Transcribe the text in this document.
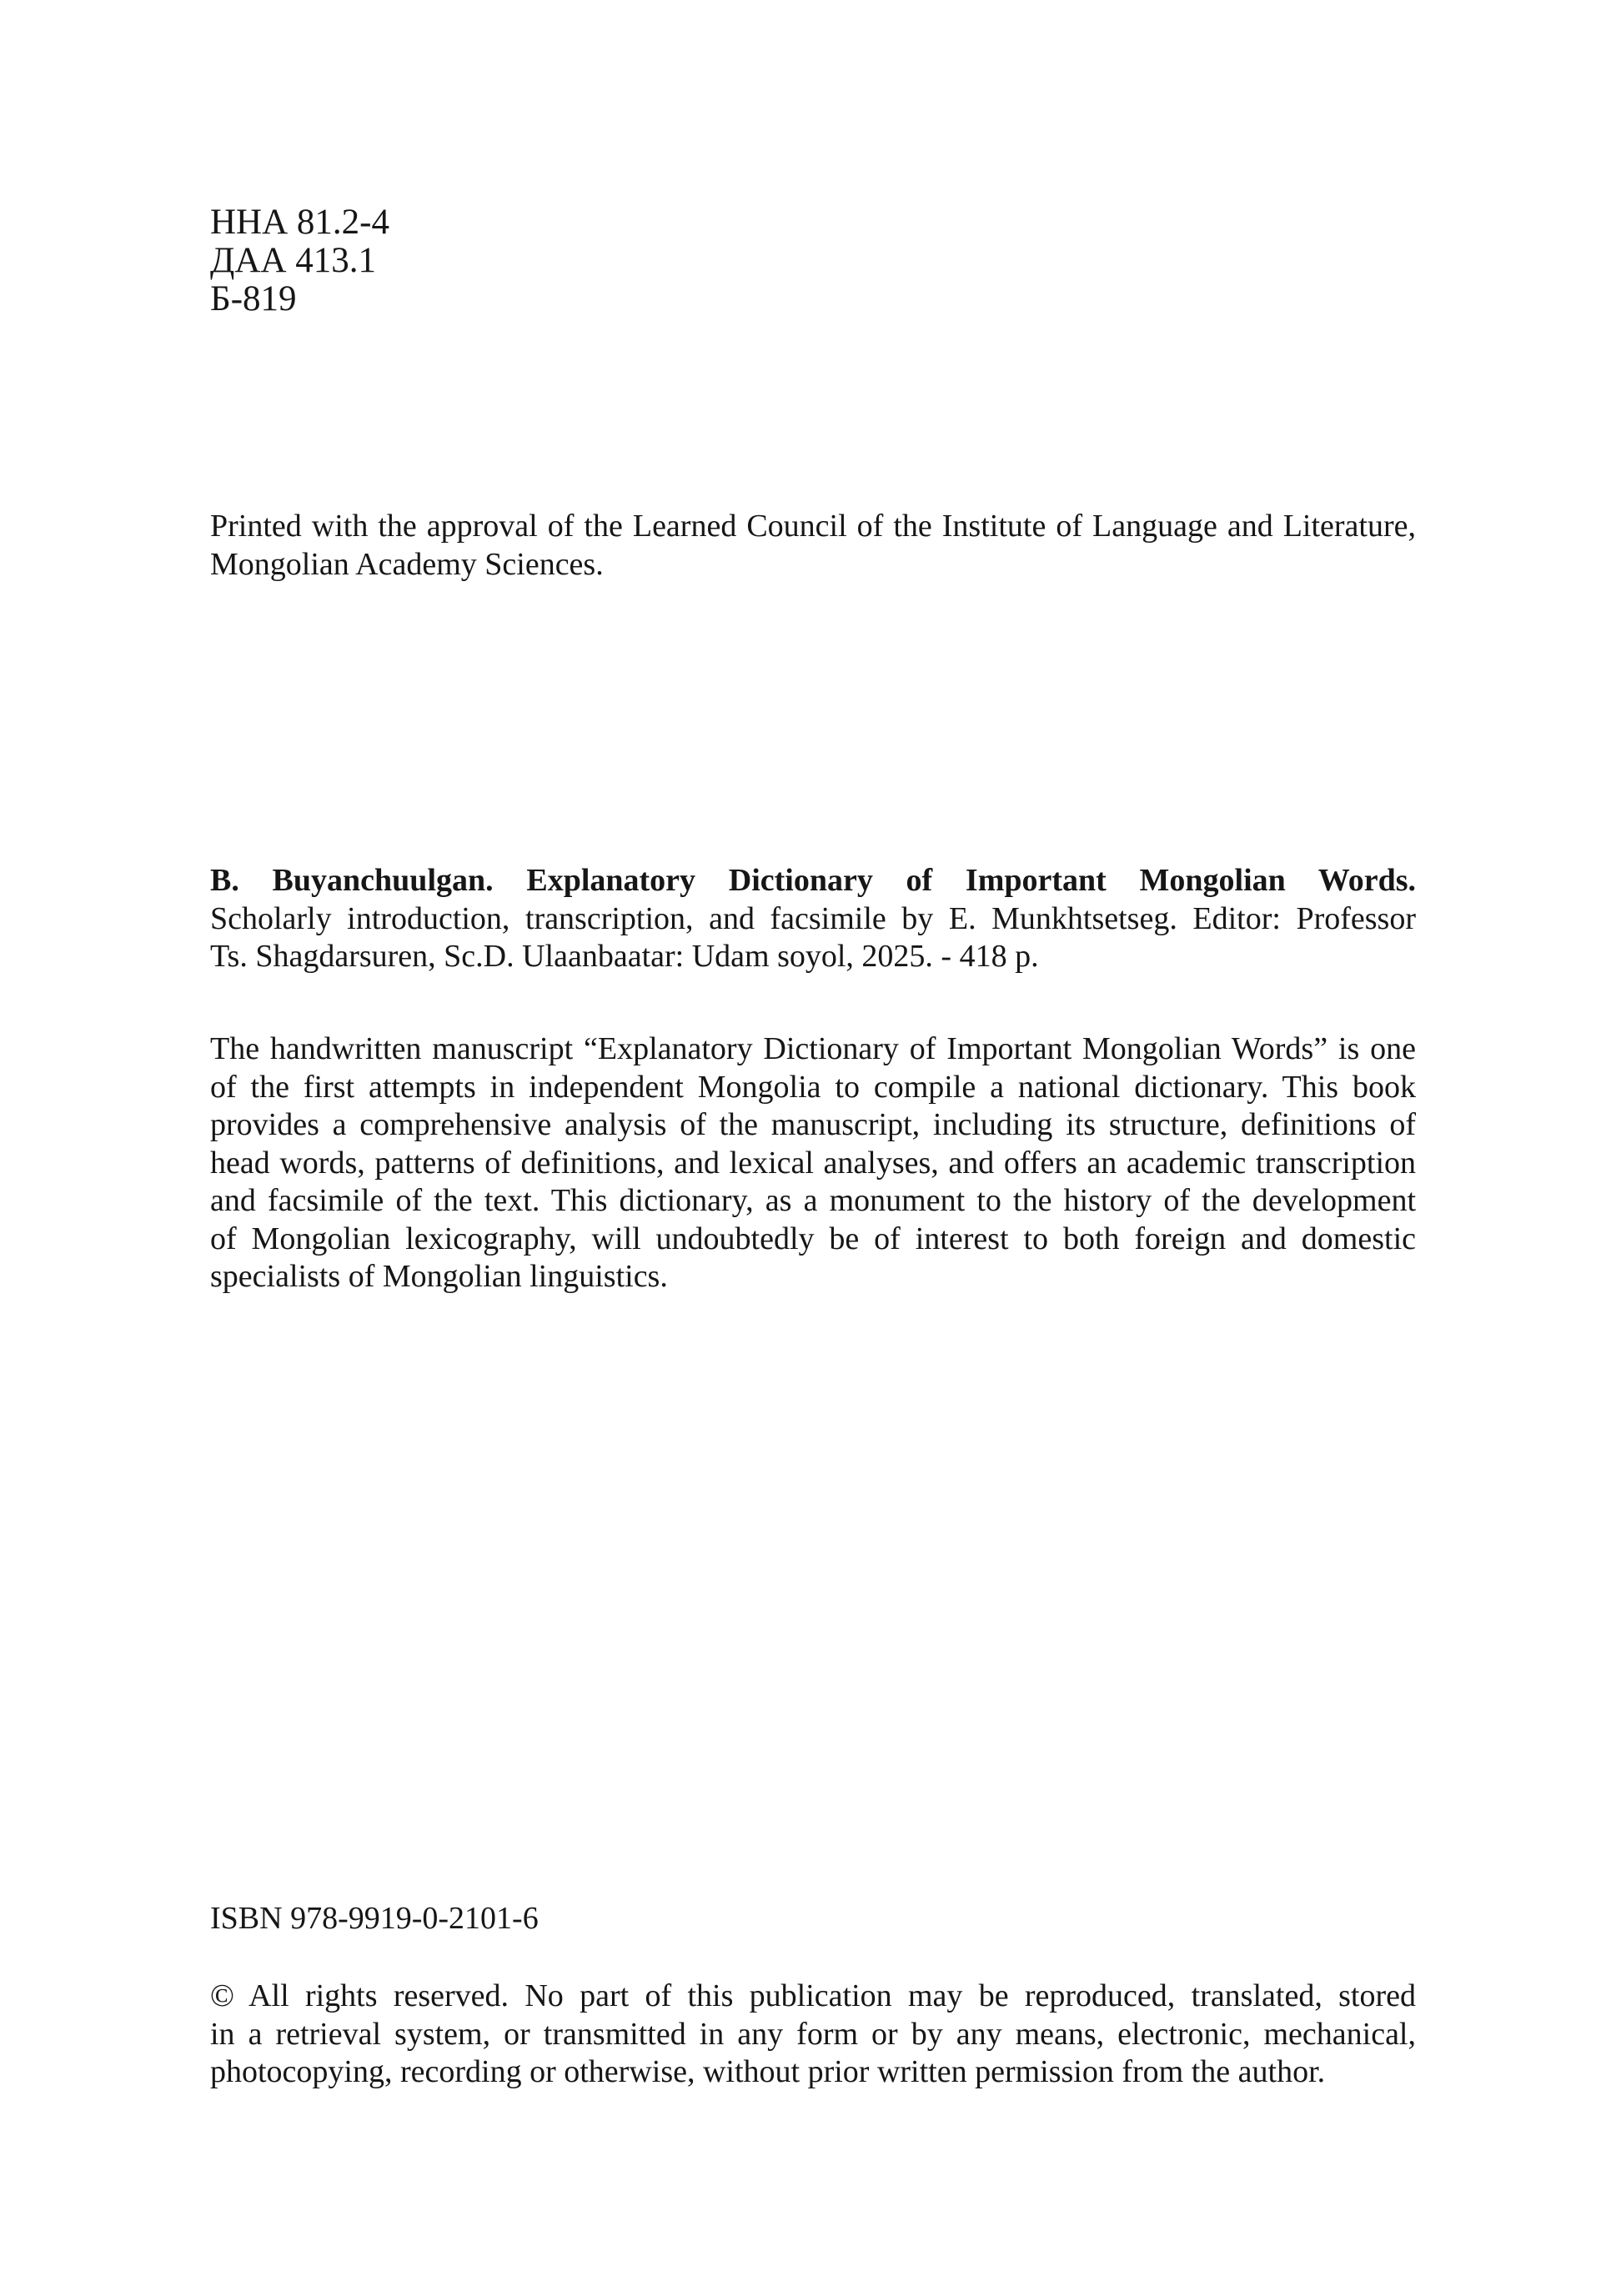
ННА 81.2-4
ДАА 413.1
Б-819
Printed with the approval of the Learned Council of the Institute of Language and Literature,
Mongolian Academy Sciences.
B. Buyanchuulgan. Explanatory Dictionary of Important Mongolian Words.
Scholarly introduction, transcription, and facsimile by E. Munkhtsetseg. Editor: Professor
Ts. Shagdarsuren, Sc.D. Ulaanbaatar: Udam soyol, 2025. - 418 p.
The handwritten manuscript “Explanatory Dictionary of Important Mongolian Words” is one
of the first attempts in independent Mongolia to compile a national dictionary. This book
provides a comprehensive analysis of the manuscript, including its structure, definitions of
head words, patterns of definitions, and lexical analyses, and offers an academic transcription
and facsimile of the text. This dictionary, as a monument to the history of the development
of Mongolian lexicography, will undoubtedly be of interest to both foreign and domestic
specialists of Mongolian linguistics.
ISBN 978-9919-0-2101-6
© All rights reserved. No part of this publication may be reproduced, translated, stored
in a retrieval system, or transmitted in any form or by any means, electronic, mechanical,
photocopying, recording or otherwise, without prior written permission from the author.
